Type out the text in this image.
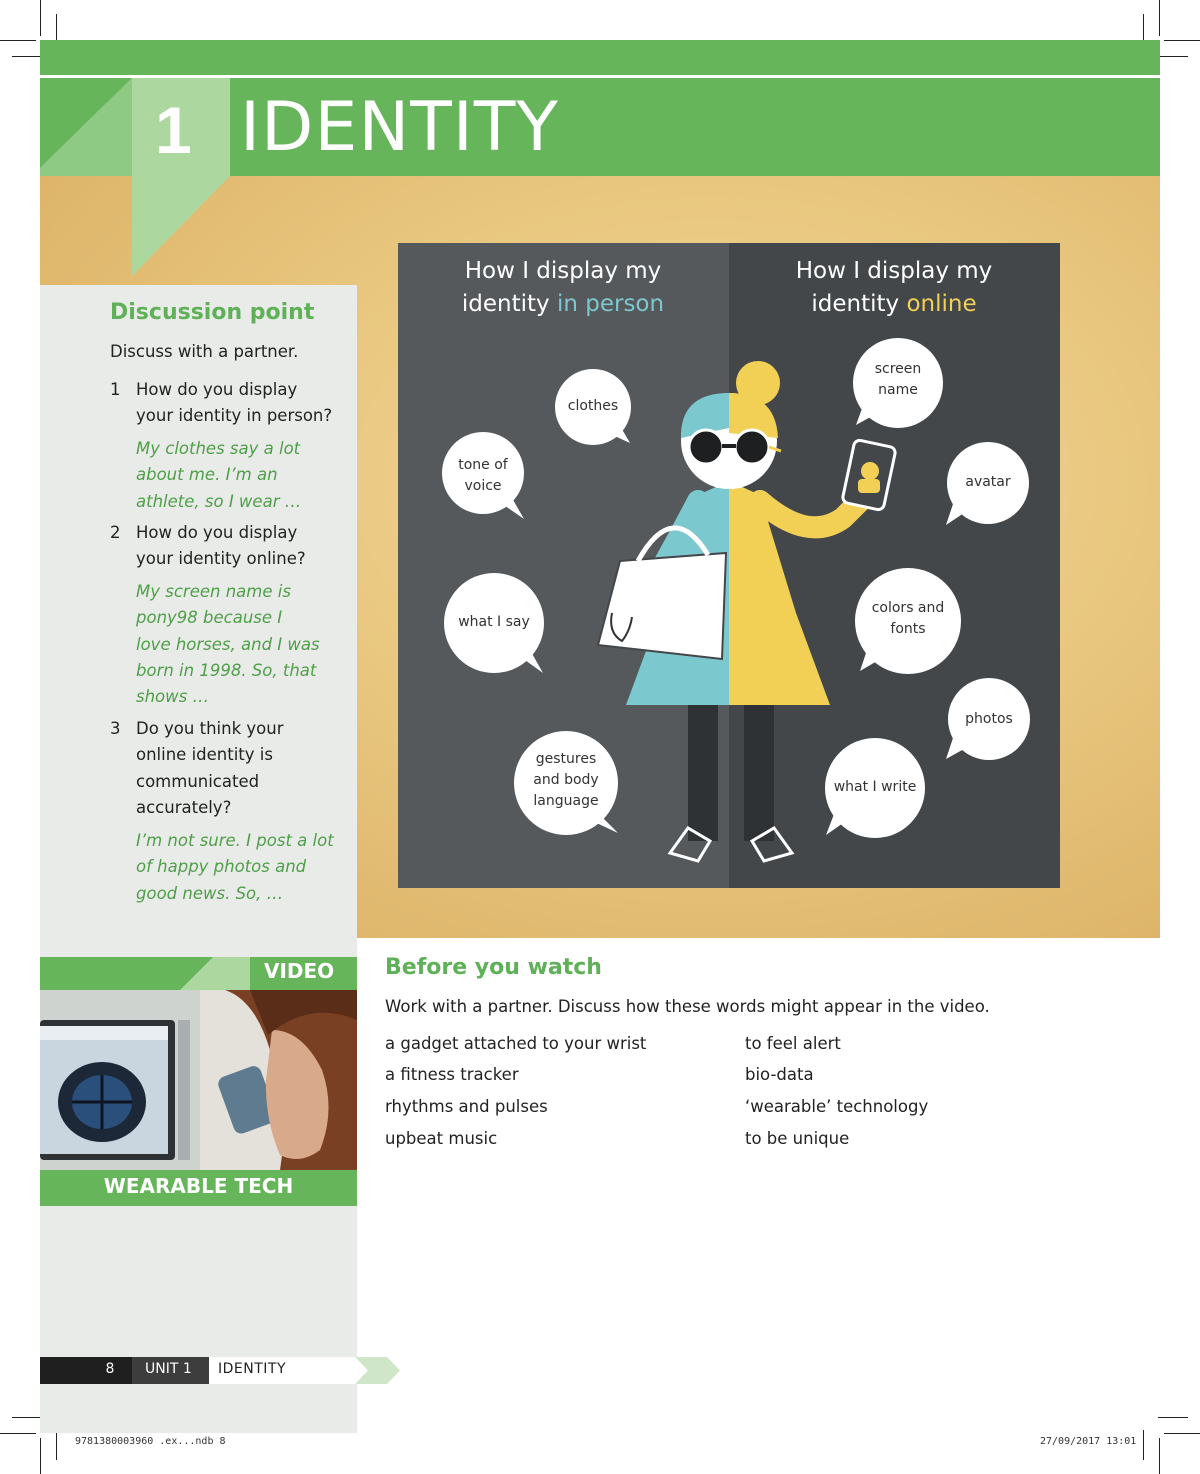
1 IDENTITY
Discussion point
Discuss with a partner.
1 How do you display
your identity in person?
My clothes say a lot
about me. I’m an
athlete, so I wear …
2 How do you display
your identity online?
My screen name is
pony98 because I
love horses, and I was
born in 1998. So, that
shows …
3 Do you think your
online identity is
communicated
accurately?
I’m not sure. I post a lot
of happy photos and
good news. So, …
How I display my
identity in person
How I display my
identity online
clothes
tone of
voice
what I say
gestures
and body
language
screen
name
avatar
colors and
fonts
photos
what I write
VIDEO
WEARABLE TECH
Before you watch
Work with a partner. Discuss how these words might appear in the video.
a gadget attached to your wrist
a fitness tracker
rhythms and pulses
upbeat music
to feel alert
bio-data
‘wearable’ technology
to be unique
8	UNIT 1 IDENTITY
9781380003960 .ex...ndb 8	27/09/2017 13:01
